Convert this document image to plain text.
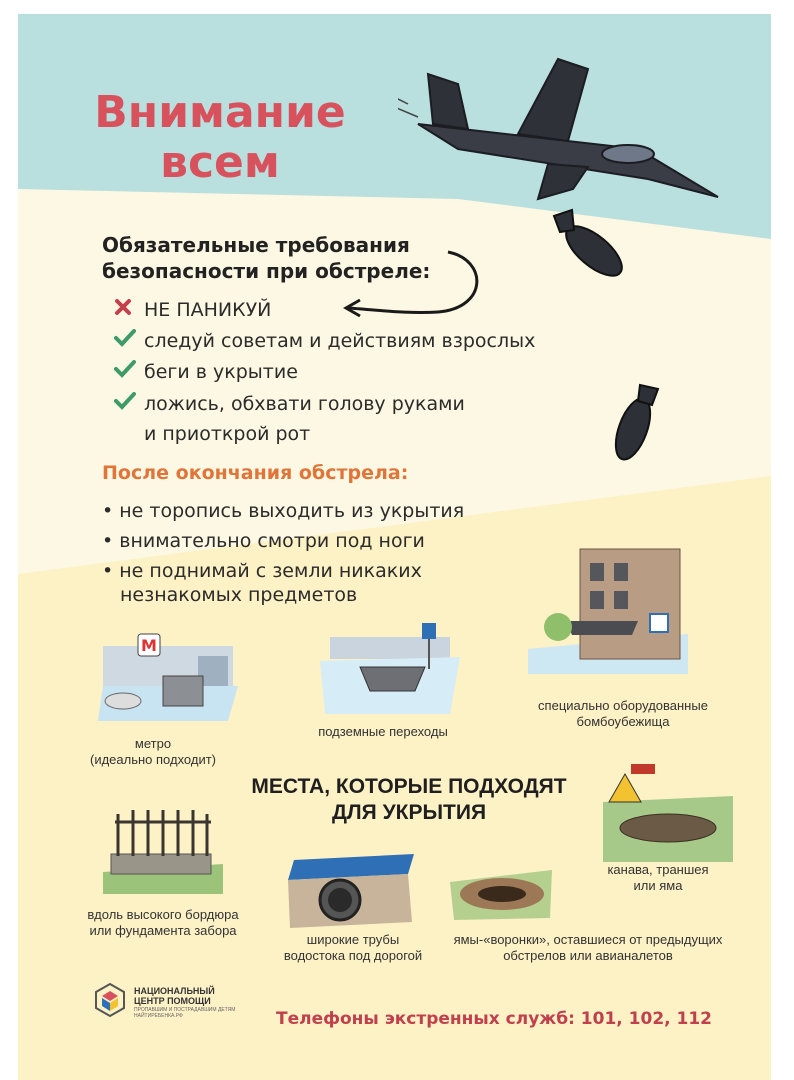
Внимание
всем
Обязательные требования
безопасности при обстреле:
НЕ ПАНИКУЙ
следуй советам и действиям взрослых
беги в укрытие
ложись, обхвати голову руками
и приоткрой рот
После окончания обстрела:
• не торопись выходить из укрытия
• внимательно смотри под ноги
• не поднимай с земли никаких
незнакомых предметов
M
метро
(идеально подходит)
подземные переходы
специально оборудованные
бомбоубежища
МЕСТА, КОТОРЫЕ ПОДХОДЯТ
ДЛЯ УКРЫТИЯ
канава, траншея
или яма
вдоль высокого бордюра
или фундамента забора
широкие трубы
водостока под дорогой
ямы-«воронки», оставшиеся от предыдущих
обстрелов или авианалетов
НАЦИОНАЛЬНЫЙ
ЦЕНТР ПОМОЩИ
ПРОПАВШИМ И ПОСТРАДАВШИМ ДЕТЯМ
НАЙТИРЕБЕНКА.РФ	Телефоны экстренных служб: 101, 102, 112
